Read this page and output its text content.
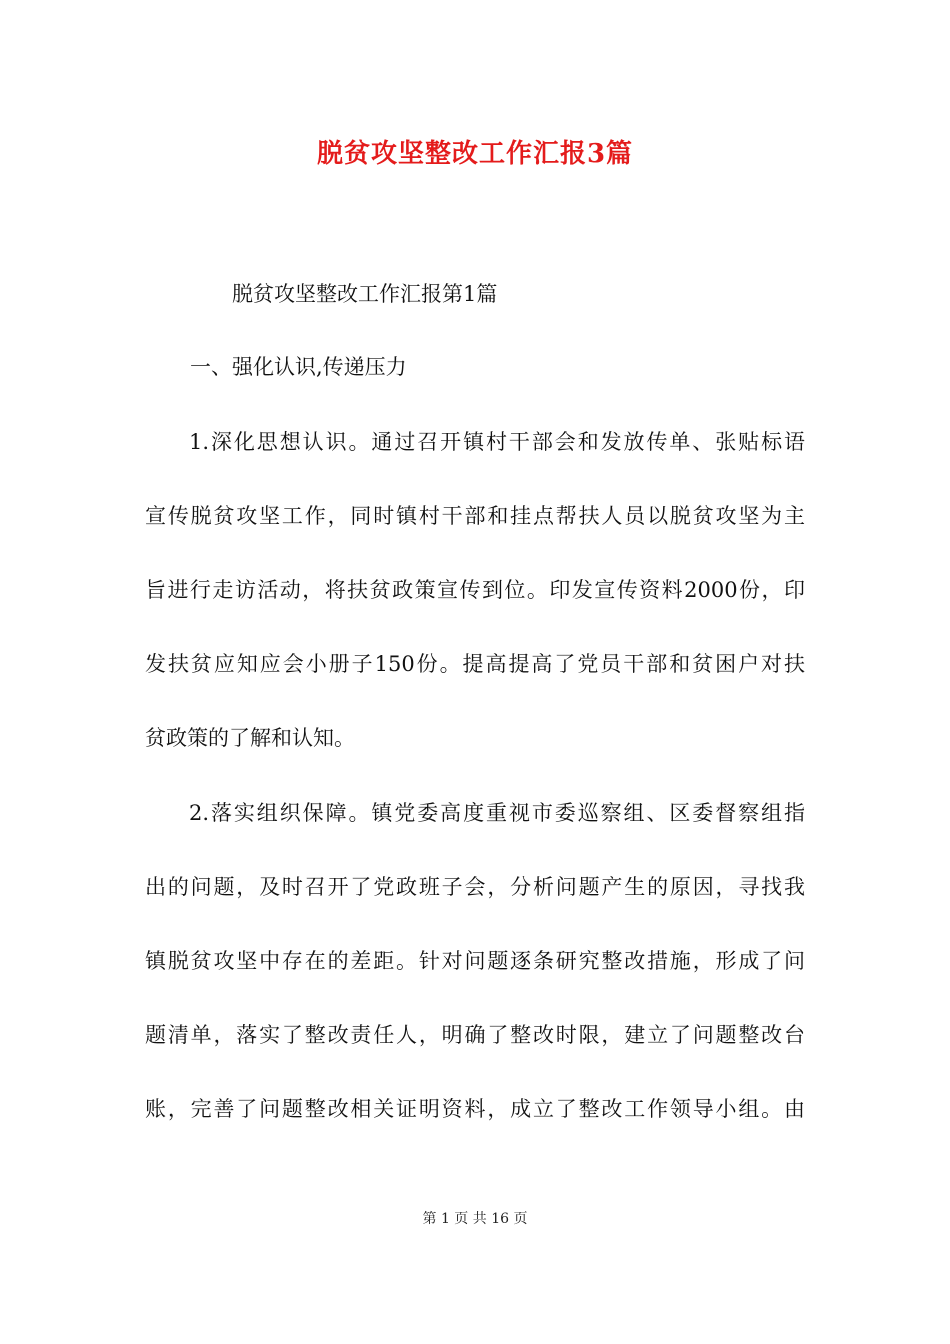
脱贫攻坚整改工作汇报3篇

脱贫攻坚整改工作汇报第1篇

一、强化认识,传递压力

1.深化思想认识。通过召开镇村干部会和发放传单、张贴标语
宣传脱贫攻坚工作，同时镇村干部和挂点帮扶人员以脱贫攻坚为主
旨进行走访活动，将扶贫政策宣传到位。印发宣传资料2000份，印
发扶贫应知应会小册子150份。提高提高了党员干部和贫困户对扶
贫政策的了解和认知。
2.落实组织保障。镇党委高度重视市委巡察组、区委督察组指
出的问题，及时召开了党政班子会，分析问题产生的原因，寻找我
镇脱贫攻坚中存在的差距。针对问题逐条研究整改措施，形成了问
题清单，落实了整改责任人，明确了整改时限，建立了问题整改台
账，完善了问题整改相关证明资料，成立了整改工作领导小组。由

第 1 页 共 16 页
